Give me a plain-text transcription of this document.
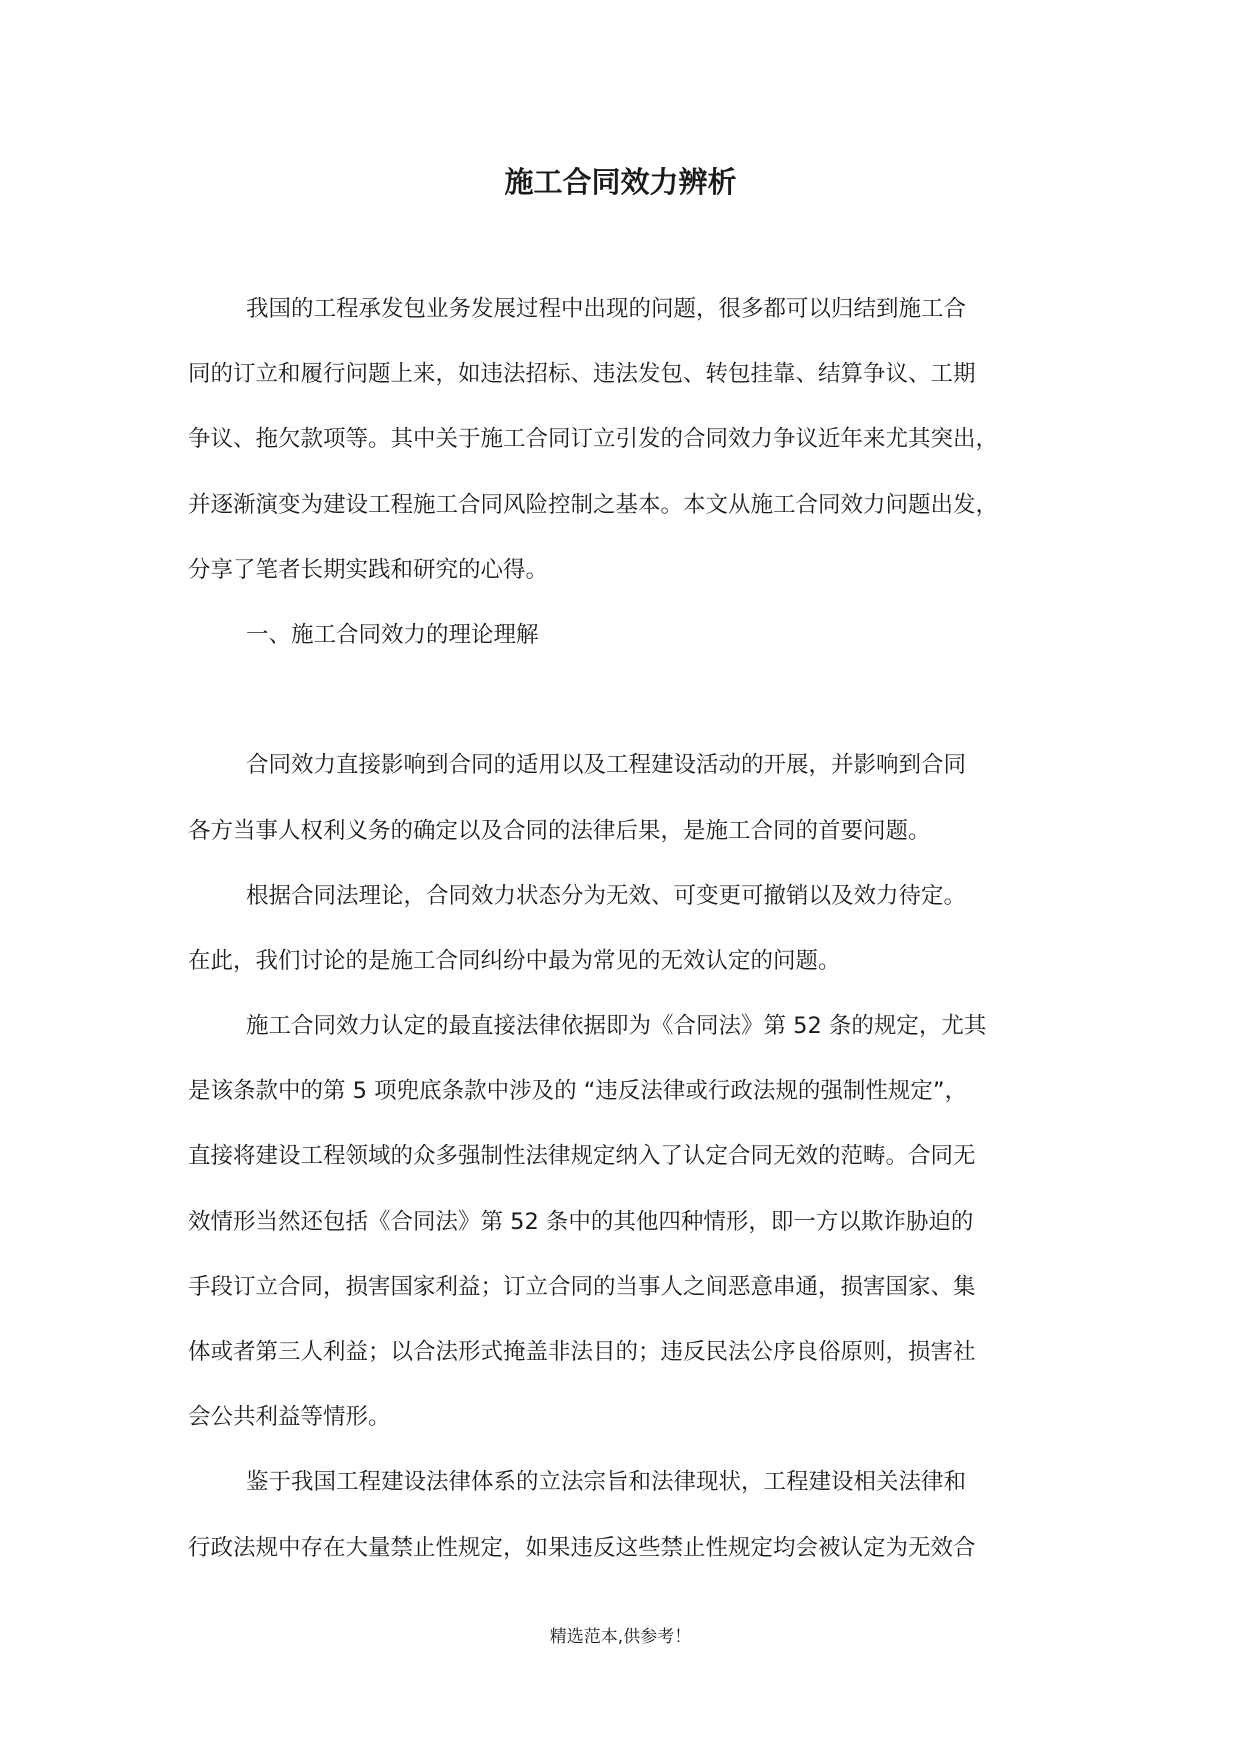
施工合同效力辨析
我国的工程承发包业务发展过程中出现的问题，很多都可以归结到施工合
同的订立和履行问题上来，如违法招标、违法发包、转包挂靠、结算争议、工期
争议、拖欠款项等。其中关于施工合同订立引发的合同效力争议近年来尤其突出，
并逐渐演变为建设工程施工合同风险控制之基本。本文从施工合同效力问题出发，
分享了笔者长期实践和研究的心得。
一、施工合同效力的理论理解
合同效力直接影响到合同的适用以及工程建设活动的开展，并影响到合同
各方当事人权利义务的确定以及合同的法律后果，是施工合同的首要问题。
根据合同法理论，合同效力状态分为无效、可变更可撤销以及效力待定。
在此，我们讨论的是施工合同纠纷中最为常见的无效认定的问题。
施工合同效力认定的最直接法律依据即为《合同法》第 52 条的规定，尤其
是该条款中的第 5 项兜底条款中涉及的 “违反法律或行政法规的强制性规定”，
直接将建设工程领域的众多强制性法律规定纳入了认定合同无效的范畴。合同无
效情形当然还包括《合同法》第 52 条中的其他四种情形，即一方以欺诈胁迫的
手段订立合同，损害国家利益；订立合同的当事人之间恶意串通，损害国家、集
体或者第三人利益；以合法形式掩盖非法目的；违反民法公序良俗原则，损害社
会公共利益等情形。
鉴于我国工程建设法律体系的立法宗旨和法律现状，工程建设相关法律和
行政法规中存在大量禁止性规定，如果违反这些禁止性规定均会被认定为无效合
精选范本,供参考！
